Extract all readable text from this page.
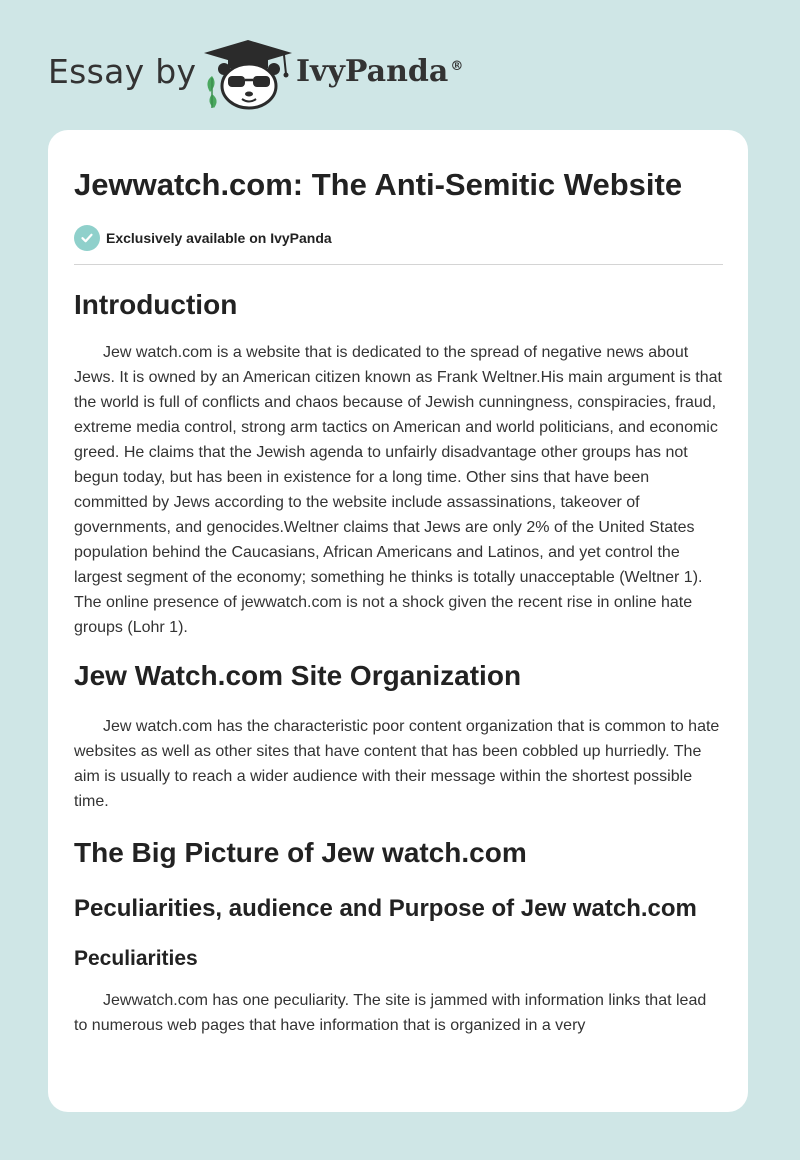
Essay by	IvyPanda ®
Jewwatch.com: The Anti-Semitic Website
Exclusively available on IvyPanda
Introduction

Jew watch.com is a website that is dedicated to the spread of negative news about Jews. It is owned by an American citizen known as Frank Weltner.His main argument is that the world is full of conflicts and chaos because of Jewish cunningness, conspiracies, fraud, extreme media control, strong arm tactics on American and world politicians, and economic greed. He claims that the Jewish agenda to unfairly disadvantage other groups has not begun today, but has been in existence for a long time. Other sins that have been committed by Jews according to the website include assassinations, takeover of governments, and genocides.Weltner claims that Jews are only 2% of the United States population behind the Caucasians, African Americans and Latinos, and yet control the largest segment of the economy; something he thinks is totally unacceptable (Weltner 1). The online presence of jewwatch.com is not a shock given the recent rise in online hate groups (Lohr 1).

Jew Watch.com Site Organization

Jew watch.com has the characteristic poor content organization that is common to hate websites as well as other sites that have content that has been cobbled up hurriedly. The aim is usually to reach a wider audience with their message within the shortest possible time.

The Big Picture of Jew watch.com
Peculiarities, audience and Purpose of Jew watch.com
Peculiarities

Jewwatch.com has one peculiarity. The site is jammed with information links that lead to numerous web pages that have information that is organized in a very
